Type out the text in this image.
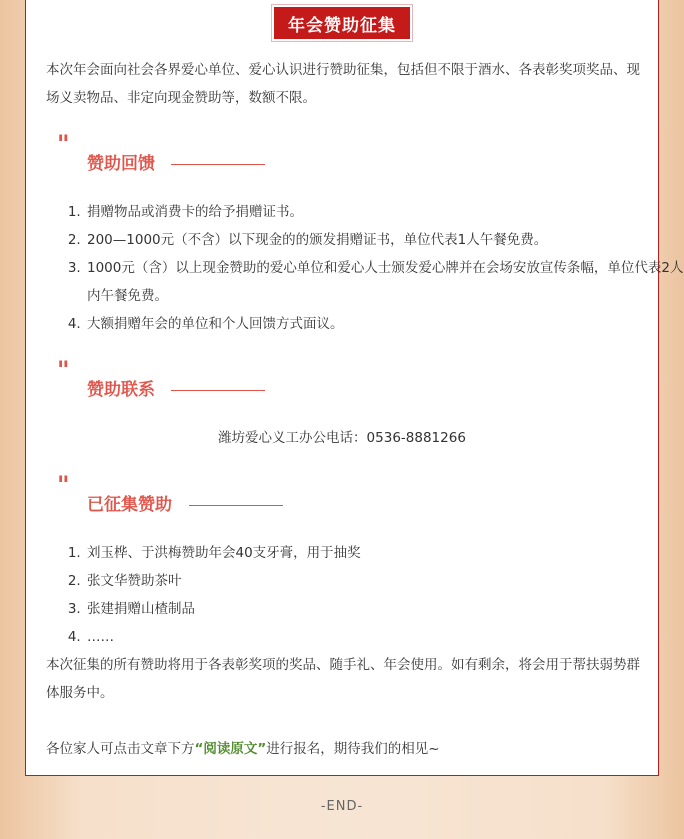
年会赞助征集
本次年会面向社会各界爱心单位、爱心认识进行赞助征集，包括但不限于酒水、各表彰奖项奖品、现场义卖物品、非定向现金赞助等，数额不限。
"
赞助回馈
1. 捐赠物品或消费卡的给予捐赠证书。
2. 200—1000元（不含）以下现金的的颁发捐赠证书，单位代表1人午餐免费。
3. 1000元（含）以上现金赞助的爱心单位和爱心人士颁发爱心牌并在会场安放宣传条幅，单位代表2人内午餐免费。
4. 大额捐赠年会的单位和个人回馈方式面议。
"
赞助联系
潍坊爱心义工办公电话：0536-8881266
"
已征集赞助
1. 刘玉桦、于洪梅赞助年会40支牙膏，用于抽奖
2. 张文华赞助茶叶
3. 张建捐赠山楂制品
4. ……
本次征集的所有赞助将用于各表彰奖项的奖品、随手礼、年会使用。如有剩余，将会用于帮扶弱势群体服务中。
各位家人可点击文章下方“阅读原文”进行报名，期待我们的相见~
-END-
